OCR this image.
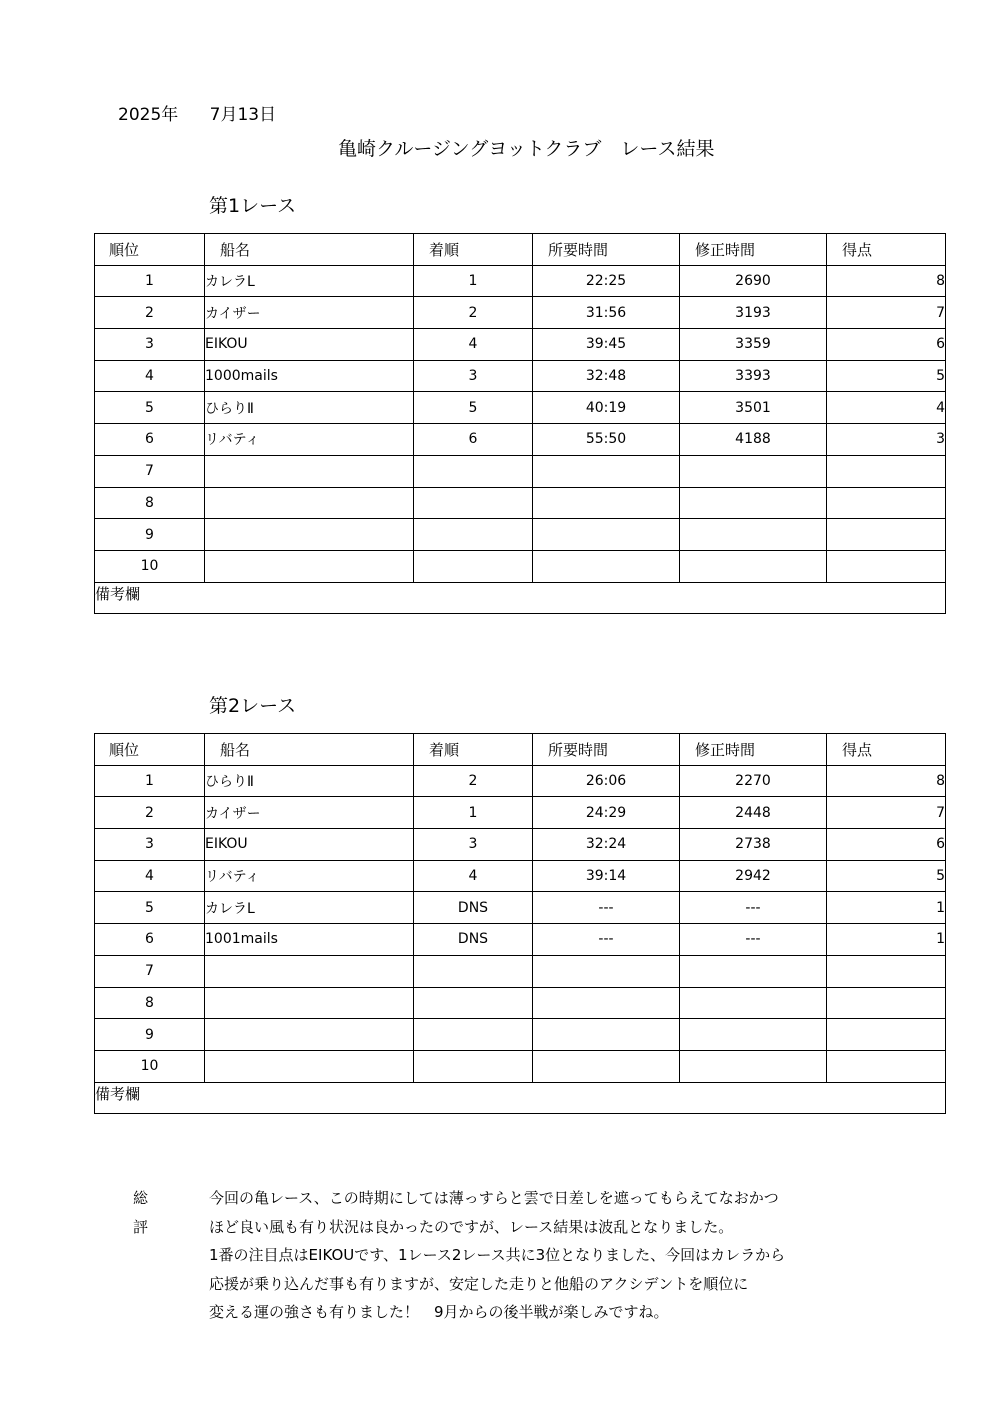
2025年 7月13日
亀崎クルージングヨットクラブ　レース結果
第1レース
順位	船名	着順	所要時間	修正時間	得点
1	カレラL	1	22:25	2690	8
2	カイザー	2	31:56	3193	7
3	EIKOU	4	39:45	3359	6
4	1000mails	3	32:48	3393	5
5	ひらりⅡ	5	40:19	3501	4
6	リバティ	6	55:50	4188	3
7					
8					
9					
10					
備考欄					
第2レース
順位	船名	着順	所要時間	修正時間	得点
1	ひらりⅡ	2	26:06	2270	8
2	カイザー	1	24:29	2448	7
3	EIKOU	3	32:24	2738	6
4	リバティ	4	39:14	2942	5
5	カレラL	DNS	---	---	1
6	1001mails	DNS	---	---	1
7					
8					
9					
10					
備考欄					
総評
今回の亀レース、この時期にしては薄っすらと雲で日差しを遮ってもらえてなおかつ
ほど良い風も有り状況は良かったのですが、レース結果は波乱となりました。
1番の注目点はEIKOUです、1レース2レース共に3位となりました、今回はカレラから
応援が乗り込んだ事も有りますが、安定した走りと他船のアクシデントを順位に
変える運の強さも有りました！　9月からの後半戦が楽しみですね。
